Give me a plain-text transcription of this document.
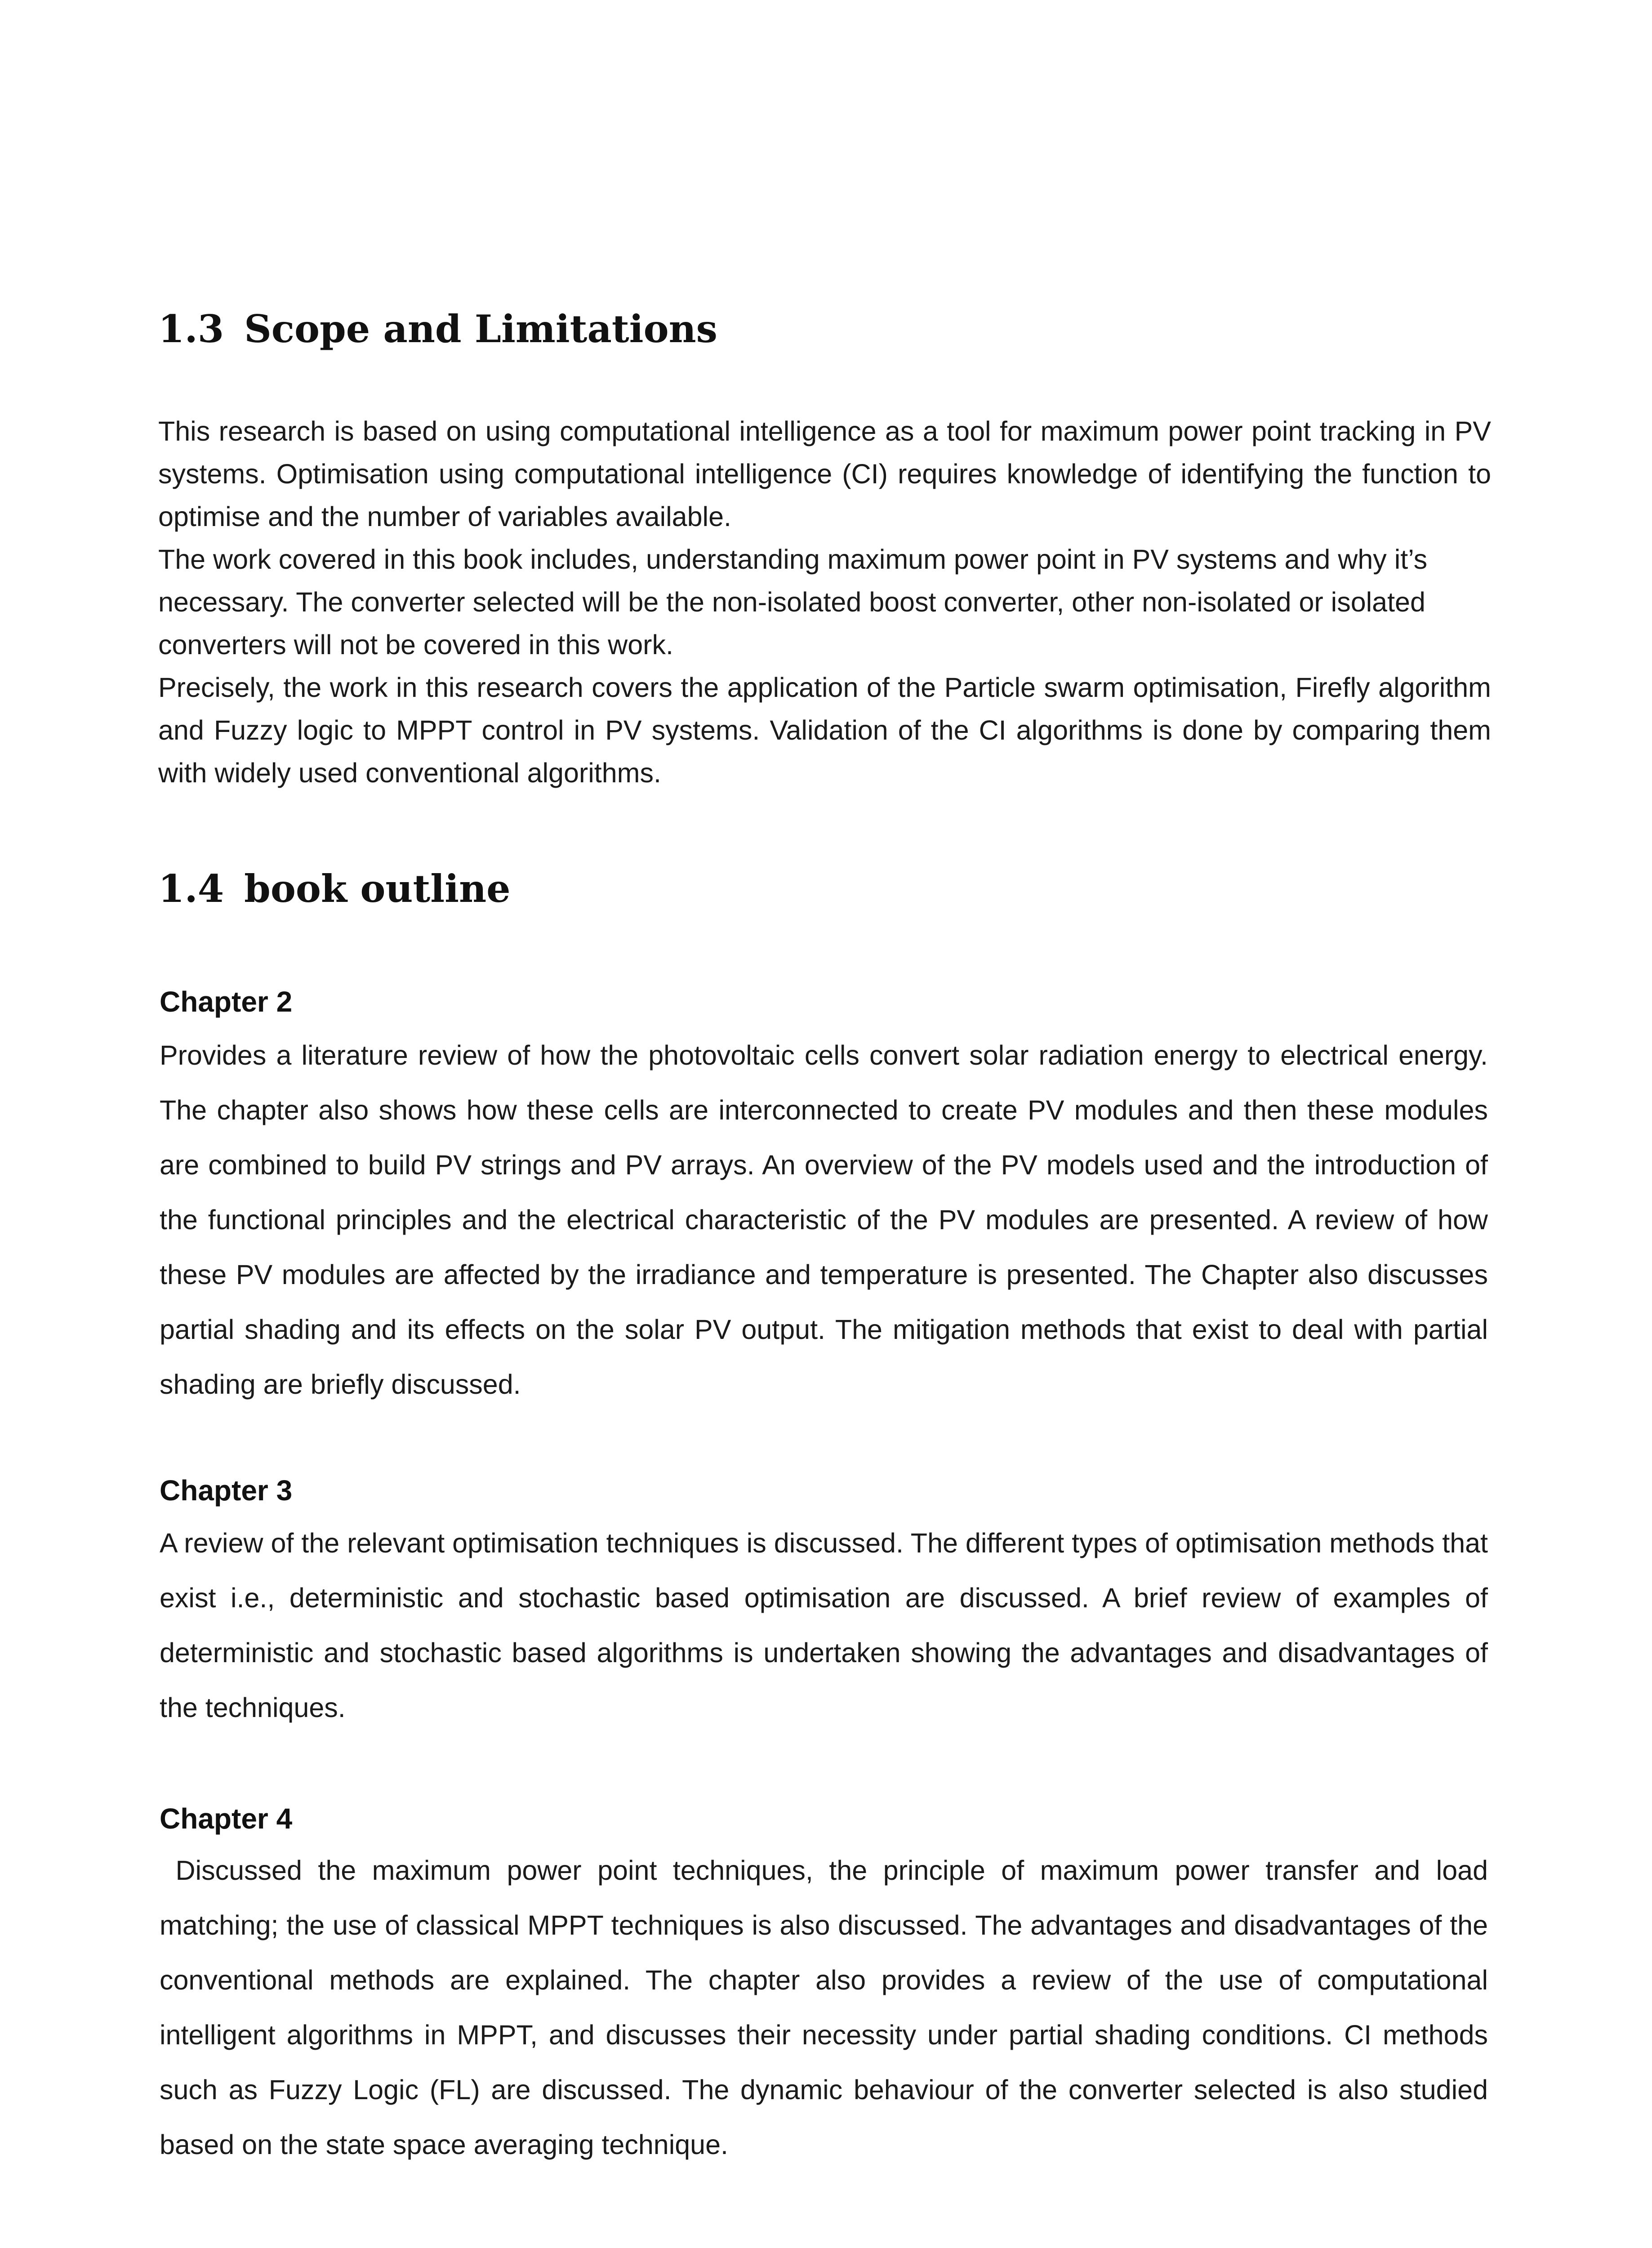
1.3 Scope and Limitations

This research is based on using computational intelligence as a tool for maximum power point tracking in PV systems. Optimisation using computational intelligence (CI) requires knowledge of identifying the function to optimise and the number of variables available.

The work covered in this book includes, understanding maximum power point in PV systems and why it’s necessary. The converter selected will be the non-isolated boost converter, other non-isolated or isolated converters will not be covered in this work.

Precisely, the work in this research covers the application of the Particle swarm optimisation, Firefly algorithm and Fuzzy logic to MPPT control in PV systems. Validation of the CI algorithms is done by comparing them with widely used conventional algorithms.

1.4 book outline
Chapter 2

Provides a literature review of how the photovoltaic cells convert solar radiation energy to electrical energy. The chapter also shows how these cells are interconnected to create PV modules and then these modules are combined to build PV strings and PV arrays. An overview of the PV models used and the introduction of the functional principles and the electrical characteristic of the PV modules are presented. A review of how these PV modules are affected by the irradiance and temperature is presented. The Chapter also discusses partial shading and its effects on the solar PV output. The mitigation methods that exist to deal with partial shading are briefly discussed.

Chapter 3

A review of the relevant optimisation techniques is discussed. The different types of optimisation methods that exist i.e., deterministic and stochastic based optimisation are discussed. A brief review of examples of deterministic and stochastic based algorithms is undertaken showing the advantages and disadvantages of the techniques.

Chapter 4

Discussed the maximum power point techniques, the principle of maximum power transfer and load matching; the use of classical MPPT techniques is also discussed. The advantages and disadvantages of the conventional methods are explained. The chapter also provides a review of the use of computational intelligent algorithms in MPPT, and discusses their necessity under partial shading conditions. CI methods such as Fuzzy Logic (FL) are discussed. The dynamic behaviour of the converter selected is also studied based on the state space averaging technique.
